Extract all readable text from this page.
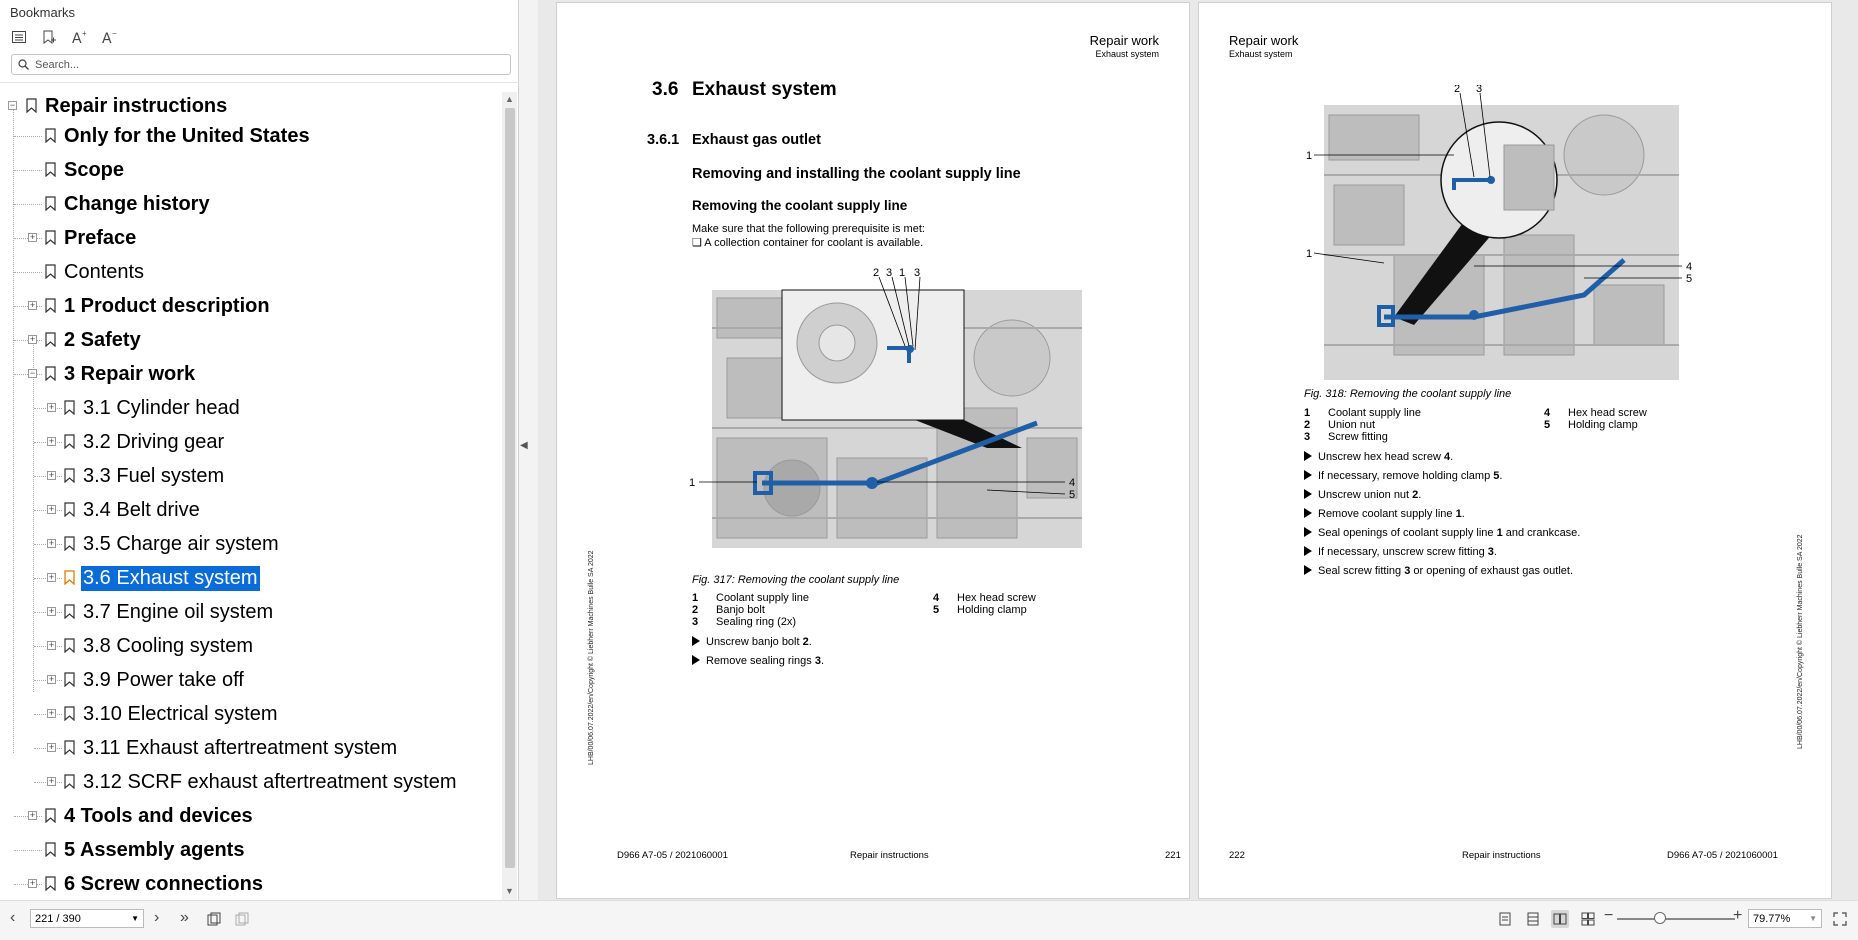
Bookmarks
A + A −
Search...
− Repair instructions
Only for the United States
Scope
Change history
+ Preface
Contents
+ 1 Product description
+ 2 Safety
− 3 Repair work
+ 3.1 Cylinder head
+ 3.2 Driving gear
+ 3.3 Fuel system
+ 3.4 Belt drive
+ 3.5 Charge air system
+ 3.6 Exhaust system
+ 3.7 Engine oil system
+ 3.8 Cooling system
+ 3.9 Power take off
+ 3.10 Electrical system
+ 3.11 Exhaust aftertreatment system
+ 3.12 SCRF exhaust aftertreatment system
+ 4 Tools and devices
5 Assembly agents
+ 6 Screw connections
▲
▼
◀
Repair work
Exhaust system
3.6 Exhaust system
3.6.1 Exhaust gas outlet
Removing and installing the coolant supply line
Removing the coolant supply line
Make sure that the following prerequisite is met:
❑ A collection container for coolant is available.
2 3 1 3
1	4
5
Fig. 317: Removing the coolant supply line
1 Coolant supply line
2 Banjo bolt
3 Sealing ring (2x)
4 Hex head screw
5 Holding clamp
Unscrew banjo bolt 2.
Remove sealing rings 3.
LHB/00/06.07.2022/en/Copyright © Liebherr Machines Bulle SA 2022
D966 A7-05 / 2021060001	Repair instructions	221
Repair work
Exhaust system
2 3
1
1
4
5
Fig. 318: Removing the coolant supply line
1 Coolant supply line
2 Union nut
3 Screw fitting
4 Hex head screw
5 Holding clamp
Unscrew hex head screw 4.
If necessary, remove holding clamp 5.
Unscrew union nut 2.
Remove coolant supply line 1.
Seal openings of coolant supply line 1 and crankcase.
If necessary, unscrew screw fitting 3.
Seal screw fitting 3 or opening of exhaust gas outlet.	LHB/00/06.07.2022/en/Copyright © Liebherr Machines Bulle SA 2022
222	Repair instructions	D966 A7-05 / 2021060001
‹ 221 / 390	▼ › »	−	+ 79.77% ▼
